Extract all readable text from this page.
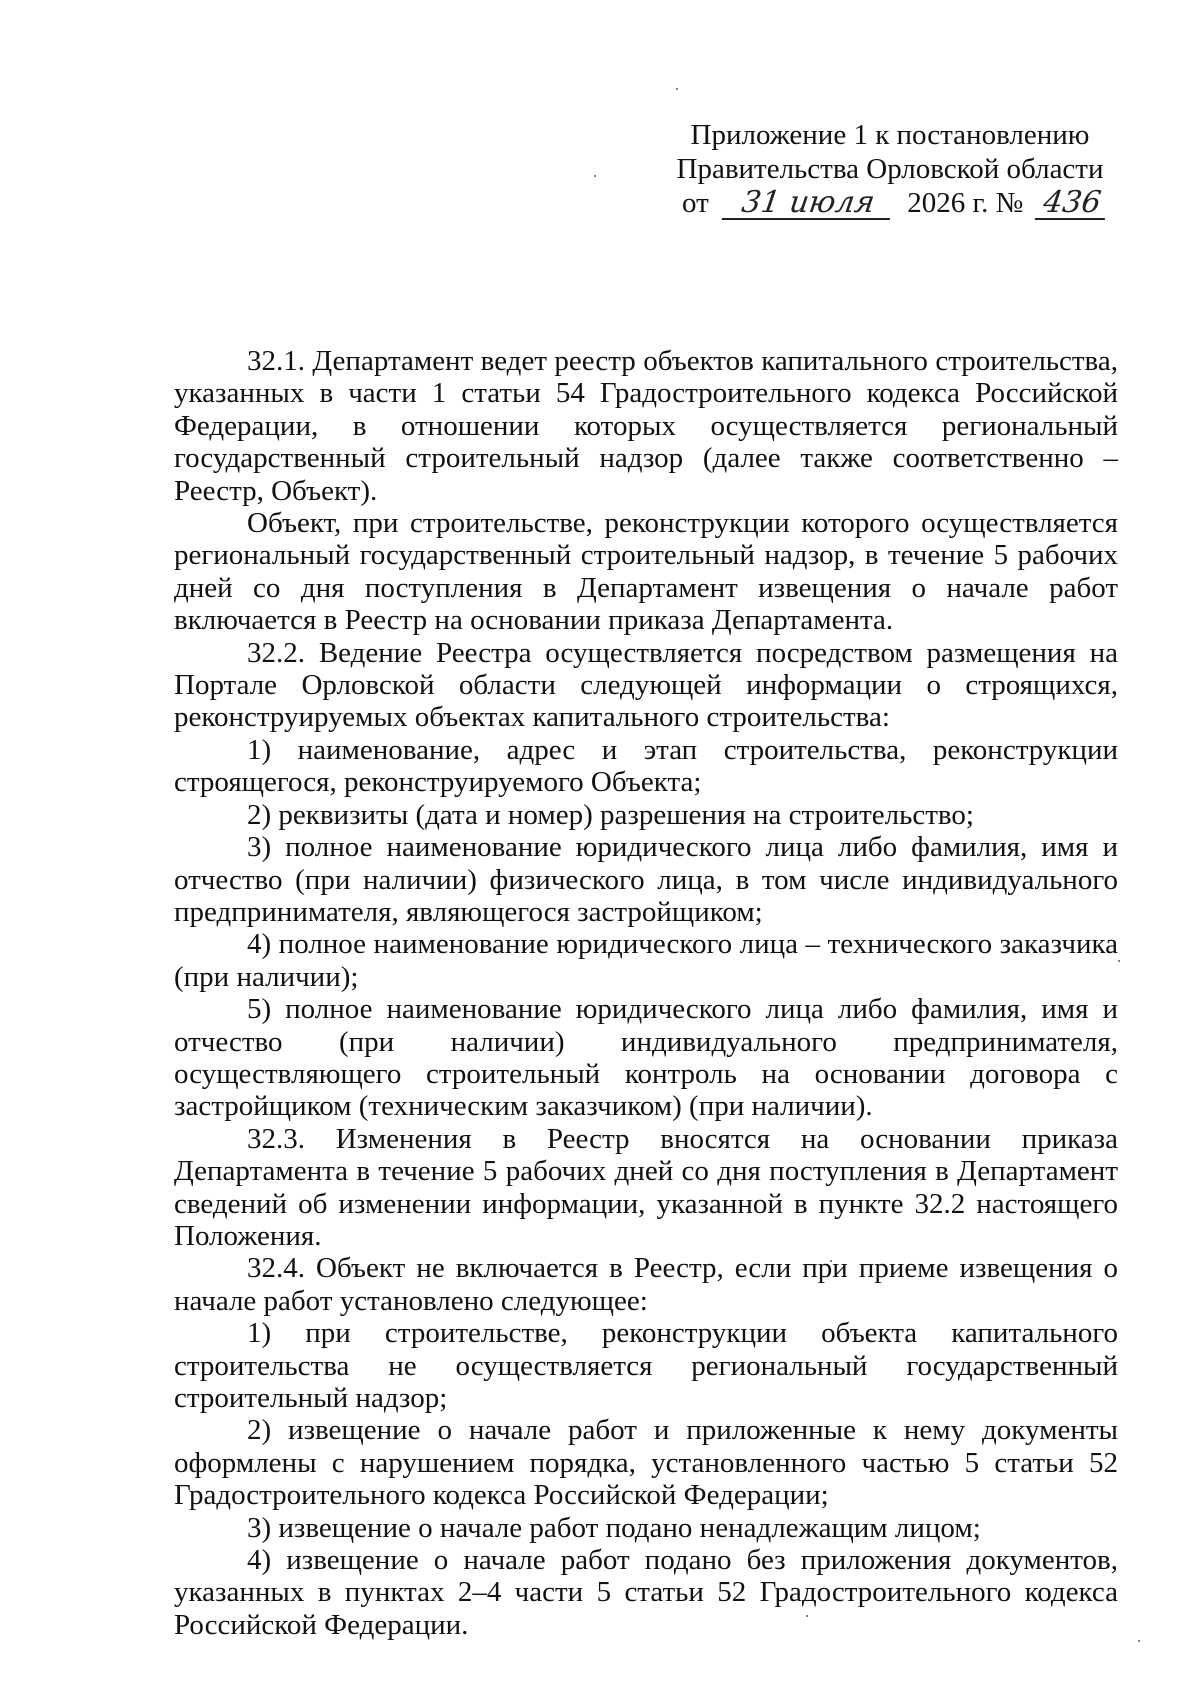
Приложение 1 к постановлению
Правительства Орловской области
от 31 июля 2026 г. № 436

32.1. Департамент ведет реестр объектов капитального строительства, указанных в части 1 статьи 54 Градостроительного кодекса Российской Федерации, в отношении которых осуществляется региональный государственный строительный надзор (далее также соответственно – Реестр, Объект).

Объект, при строительстве, реконструкции которого осуществляется региональный государственный строительный надзор, в течение 5 рабочих дней со дня поступления в Департамент извещения о начале работ включается в Реестр на основании приказа Департамента.

32.2. Ведение Реестра осуществляется посредством размещения на Портале Орловской области следующей информации о строящихся, реконструируемых объектах капитального строительства:

1) наименование, адрес и этап строительства, реконструкции строящегося, реконструируемого Объекта;

2) реквизиты (дата и номер) разрешения на строительство;

3) полное наименование юридического лица либо фамилия, имя и отчество (при наличии) физического лица, в том числе индивидуального предпринимателя, являющегося застройщиком;

4) полное наименование юридического лица – технического заказчика (при наличии);

5) полное наименование юридического лица либо фамилия, имя и отчество (при наличии) индивидуального предпринимателя, осуществляющего строительный контроль на основании договора с застройщиком (техническим заказчиком) (при наличии).

32.3. Изменения в Реестр вносятся на основании приказа Департамента в течение 5 рабочих дней со дня поступления в Департамент сведений об изменении информации, указанной в пункте 32.2 настоящего Положения.

32.4. Объект не включается в Реестр, если при приеме извещения о начале работ установлено следующее:

1) при строительстве, реконструкции объекта капитального строительства не осуществляется региональный государственный строительный надзор;

2) извещение о начале работ и приложенные к нему документы оформлены с нарушением порядка, установленного частью 5 статьи 52 Градостроительного кодекса Российской Федерации;

3) извещение о начале работ подано ненадлежащим лицом;

4) извещение о начале работ подано без приложения документов, указанных в пунктах 2–4 части 5 статьи 52 Градостроительного кодекса Российской Федерации.
